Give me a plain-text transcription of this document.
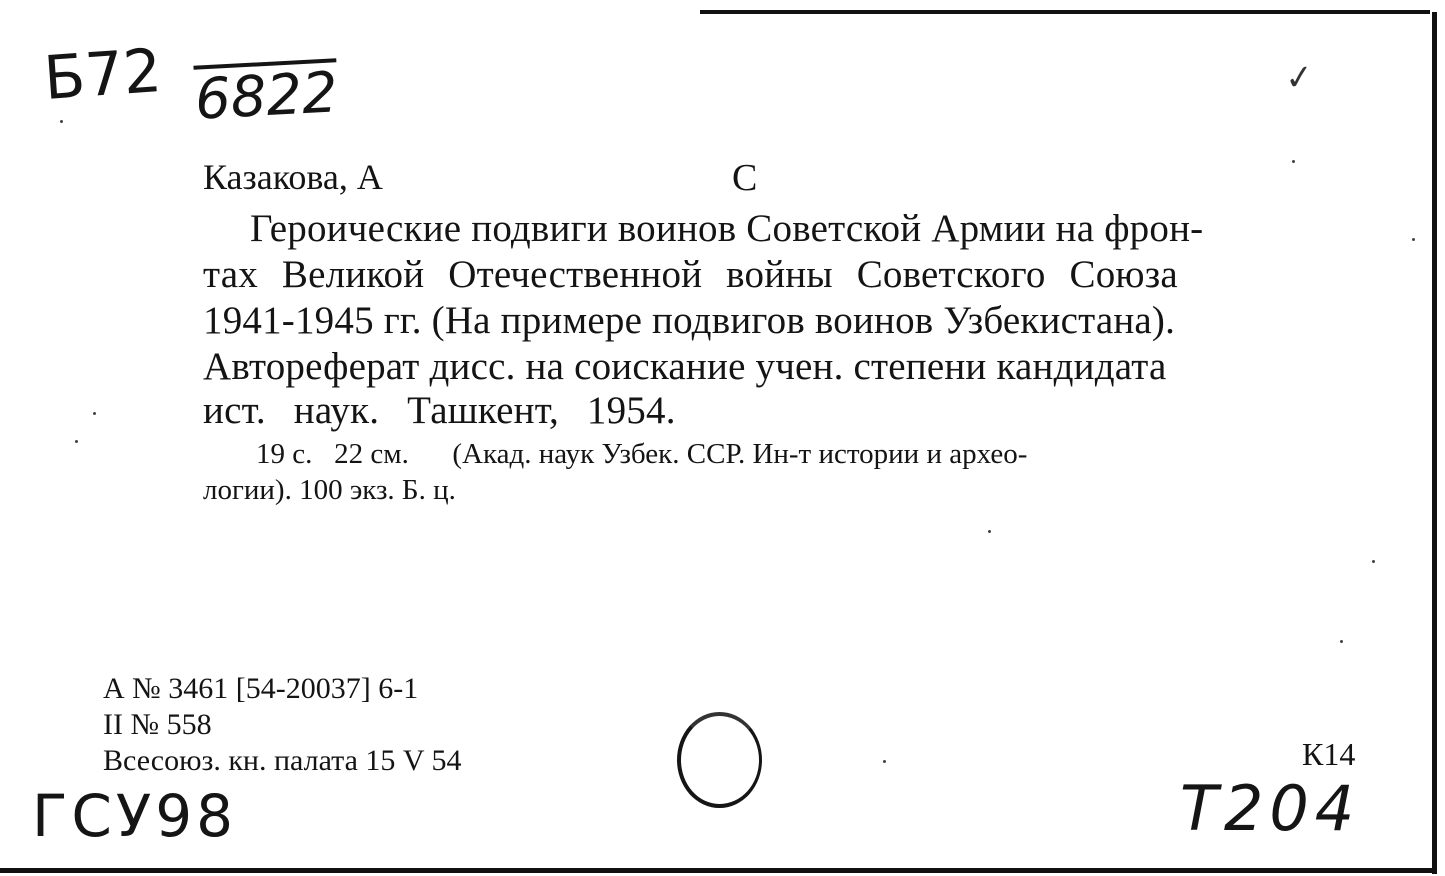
Б72 6822
ГСУ98	Т204
✓
Казакова, А	С
Героические подвиги воинов Советской Армии на фрон-
тах Великой Отечественной войны Советского Союза
1941-1945 гг. (На примере подвигов воинов Узбекистана).
Автореферат дисс. на соискание учен. степени кандидата
ист. наук. Ташкент, 1954.
19 с.   22 см.      (Акад. наук Узбек. ССР. Ин-т истории и архео-
логии). 100 экз. Б. ц.
А № 3461 [54-20037] 6-1
II № 558
Всесоюз. кн. палата 15 V 54	К14
